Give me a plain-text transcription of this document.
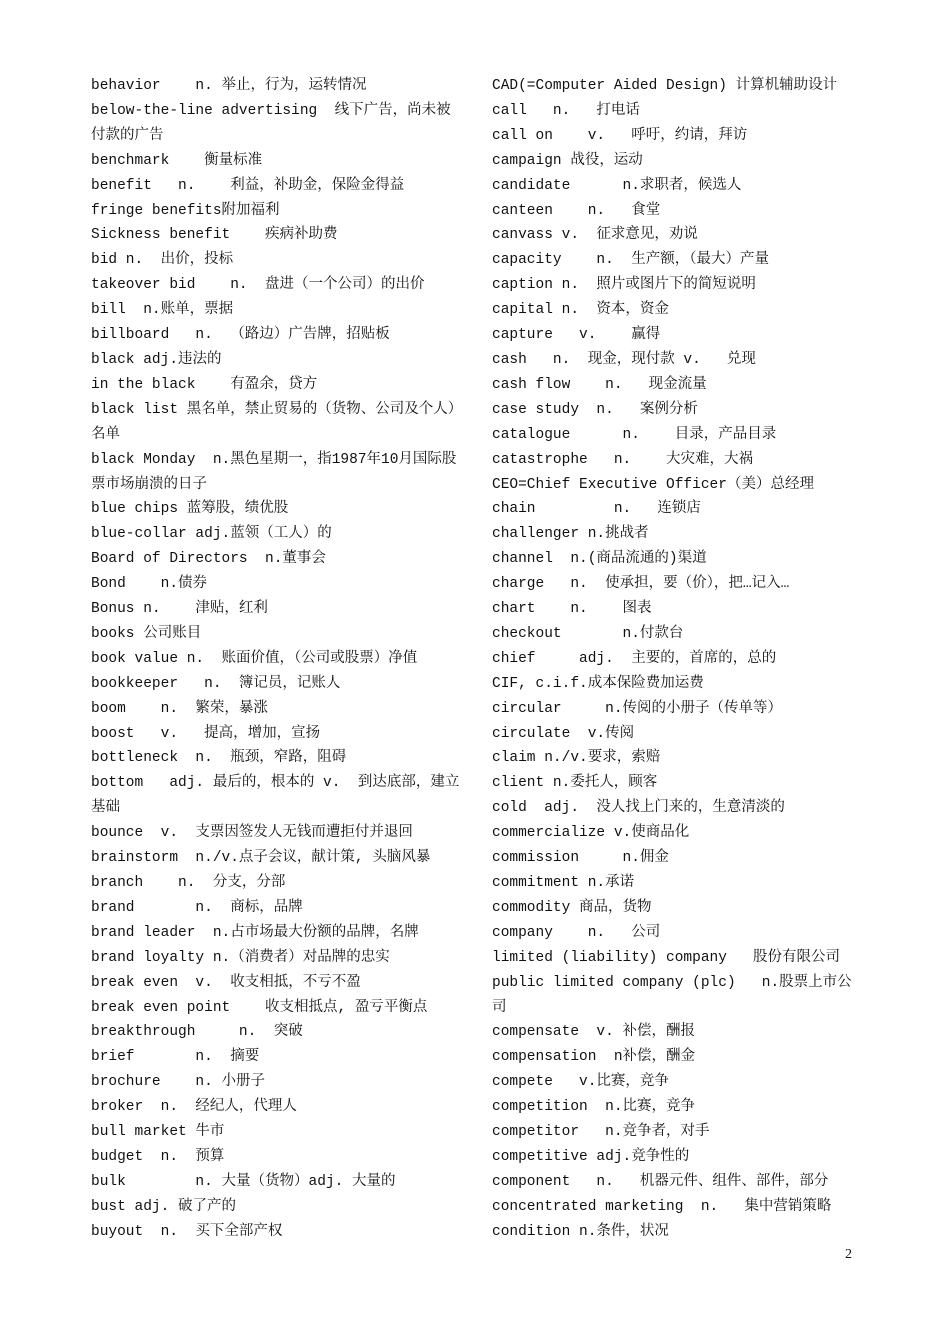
behavior    n. 举止，行为，运转情况
below-the-line advertising  线下广告，尚未被付款的广告
benchmark    衡量标准
benefit   n.    利益，补助金，保险金得益
fringe benefits附加福利
Sickness benefit    疾病补助费
bid n.  出价，投标
takeover bid    n.  盘进（一个公司）的出价
bill  n.账单，票据
billboard   n.  （路边）广告牌，招贴板
black adj.违法的
in the black    有盈余，贷方
black list 黑名单，禁止贸易的（货物、公司及个人）名单
black Monday  n.黑色星期一，指1987年10月国际股票市场崩溃的日子
blue chips 蓝筹股，绩优股
blue-collar adj.蓝领（工人）的
Board of Directors  n.董事会
Bond    n.债券
Bonus n.    津贴，红利
books 公司账目
book value n.  账面价值，（公司或股票）净值
bookkeeper   n.  簿记员，记账人
boom    n.  繁荣，暴涨
boost   v.   提高，增加，宣扬
bottleneck  n.  瓶颈，窄路，阻碍
bottom   adj. 最后的，根本的 v.  到达底部，建立基础
bounce  v.  支票因签发人无钱而遭拒付并退回
brainstorm  n./v.点子会议，献计策, 头脑风暴
branch    n.  分支，分部
brand       n.  商标，品牌
brand leader  n.占市场最大份额的品牌，名牌
brand loyalty n.（消费者）对品牌的忠实
break even  v.  收支相抵，不亏不盈
break even point    收支相抵点, 盈亏平衡点
breakthrough     n.  突破
brief       n.  摘要
brochure    n. 小册子
broker  n.  经纪人，代理人
bull market 牛市
budget  n.  预算
bulk        n. 大量（货物）adj. 大量的
bust adj. 破了产的
buyout  n.  买下全部产权
CAD(=Computer Aided Design) 计算机辅助设计
call   n.   打电话
call on    v.   呼吁，约请，拜访
campaign 战役，运动
candidate      n.求职者，候选人
canteen    n.   食堂
canvass v.  征求意见，劝说
capacity    n.  生产额，（最大）产量
caption n.  照片或图片下的简短说明
capital n.  资本，资金
capture   v.    赢得
cash   n.  现金，现付款 v.   兑现
cash flow    n.   现金流量
case study  n.   案例分析
catalogue      n.    目录，产品目录
catastrophe   n.    大灾难，大祸
CEO=Chief Executive Officer（美）总经理
chain         n.   连锁店
challenger n.挑战者
channel  n.(商品流通的)渠道
charge   n.  使承担，要（价），把…记入…
chart    n.    图表
checkout       n.付款台
chief     adj.  主要的，首席的，总的
CIF, c.i.f.成本保险费加运费
circular     n.传阅的小册子（传单等）
circulate  v.传阅
claim n./v.要求，索赔
client n.委托人，顾客
cold  adj.  没人找上门来的，生意清淡的
commercialize v.使商品化
commission     n.佣金
commitment n.承诺
commodity 商品，货物
company    n.   公司
limited (liability) company   股份有限公司
public limited company (plc)   n.股票上市公司
compensate  v. 补偿，酬报
compensation  n补偿，酬金
compete   v.比赛，竞争
competition  n.比赛，竞争
competitor   n.竞争者，对手
competitive adj.竞争性的
component   n.   机器元件、组件、部件，部分
concentrated marketing  n.   集中营销策略
condition n.条件，状况
2
